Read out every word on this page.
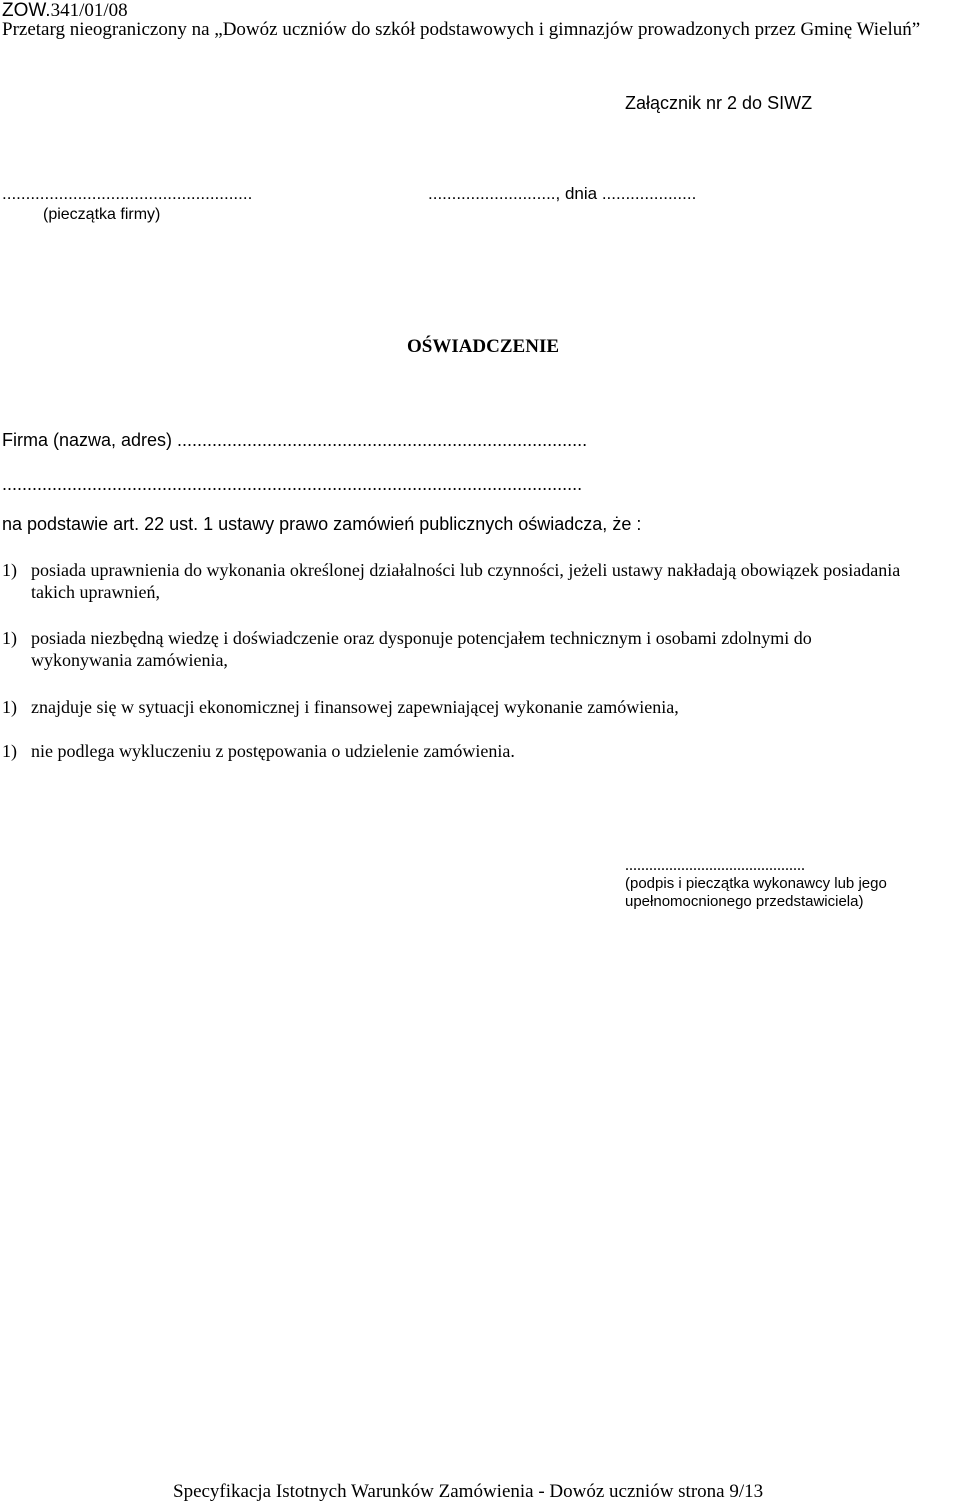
ZOW.341/01/08
Przetarg nieograniczony na „Dowóz uczniów do szkół podstawowych i gimnazjów prowadzonych przez Gminę Wieluń”
Załącznik nr 2 do SIWZ
.....................................................
(pieczątka firmy)
..........................., dnia ....................
OŚWIADCZENIE
Firma (nazwa, adres) ..................................................................................
....................................................................................................................
na podstawie art. 22 ust. 1 ustawy prawo zamówień publicznych oświadcza, że :
1) posiada uprawnienia do wykonania określonej działalności lub czynności, jeżeli ustawy nakładają obowiązek posiadania takich uprawnień,
1) posiada niezbędną wiedzę i doświadczenie oraz dysponuje potencjałem technicznym i osobami zdolnymi do wykonywania zamówienia,
1) znajduje się w sytuacji ekonomicznej i finansowej zapewniającej wykonanie zamówienia,
1) nie podlega wykluczeniu z postępowania o udzielenie zamówienia.
.............................................
(podpis i pieczątka wykonawcy lub jego
upełnomocnionego przedstawiciela)
Specyfikacja Istotnych Warunków Zamówienia - Dowóz uczniów strona 9/13
